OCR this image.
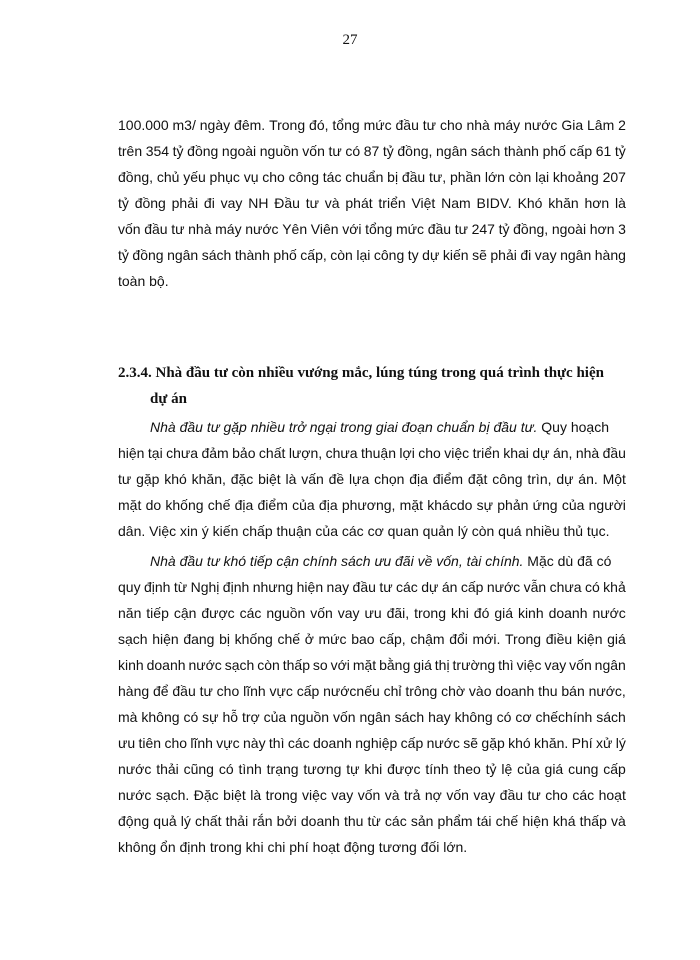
27
100.000 m3/ ngày đêm. Trong đó, tổng mức đầu tư cho nhà máy nước Gia Lâm 2
trên 354 tỷ đồng ngoài nguồn vốn tư có 87 tỷ đồng, ngân sách thành phố cấp 61 tỷ
đồng, chủ yếu phục vụ cho công tác chuẩn bị đầu tư, phần lớn còn lại khoảng 207
tỷ đồng phải đi vay NH Đầu tư và phát triển Việt Nam BIDV. Khó khăn hơn là
vốn đầu tư nhà máy nước Yên Viên với tổng mức đầu tư 247 tỷ đồng, ngoài hơn 3
tỷ đồng ngân sách thành phố cấp, còn lại công ty dự kiến sẽ phải đi vay ngân hàng
toàn bộ.
2.3.4. Nhà đầu tư còn nhiều vướng mắc, lúng túng trong quá trình thực hiện
dự án
Nhà đầu tư gặp nhiều trở ngại trong giai đoạn chuẩn bị đầu tư. Quy hoạch
hiện tại chưa đảm bảo chất lượn, chưa thuận lợi cho việc triển khai dự án, nhà đầu
tư gặp khó khăn, đặc biệt là vấn đề lựa chọn địa điểm đặt công trìn, dự án. Một
mặt do khống chế địa điểm của địa phương, mặt khácdo sự phản ứng của người
dân. Việc xin ý kiến chấp thuận của các cơ quan quản lý còn quá nhiều thủ tục.
Nhà đầu tư khó tiếp cận chính sách ưu đãi về vốn, tài chính. Mặc dù đã có
quy định từ Nghị định nhưng hiện nay đầu tư các dự án cấp nước vẫn chưa có khả
năn tiếp cận được các nguồn vốn vay ưu đãi, trong khi đó giá kinh doanh nước
sạch hiện đang bị khống chế ở mức bao cấp, chậm đổi mới. Trong điều kiện giá
kinh doanh nước sạch còn thấp so với mặt bằng giá thị trường thì việc vay vốn ngân
hàng để đầu tư cho lĩnh vực cấp nướcnếu chỉ trông chờ vào doanh thu bán nước,
mà không có sự hỗ trợ của nguồn vốn ngân sách hay không có cơ chếchính sách
ưu tiên cho lĩnh vực này thì các doanh nghiệp cấp nước sẽ gặp khó khăn. Phí xử lý
nước thải cũng có tình trạng tương tự khi được tính theo tỷ lệ của giá cung cấp
nước sạch. Đặc biệt là trong việc vay vốn và trả nợ vốn vay đầu tư cho các hoạt
động quả lý chất thải rắn bởi doanh thu từ các sản phẩm tái chế hiện khá thấp và
không ổn định trong khi chi phí hoạt động tương đối lớn.
